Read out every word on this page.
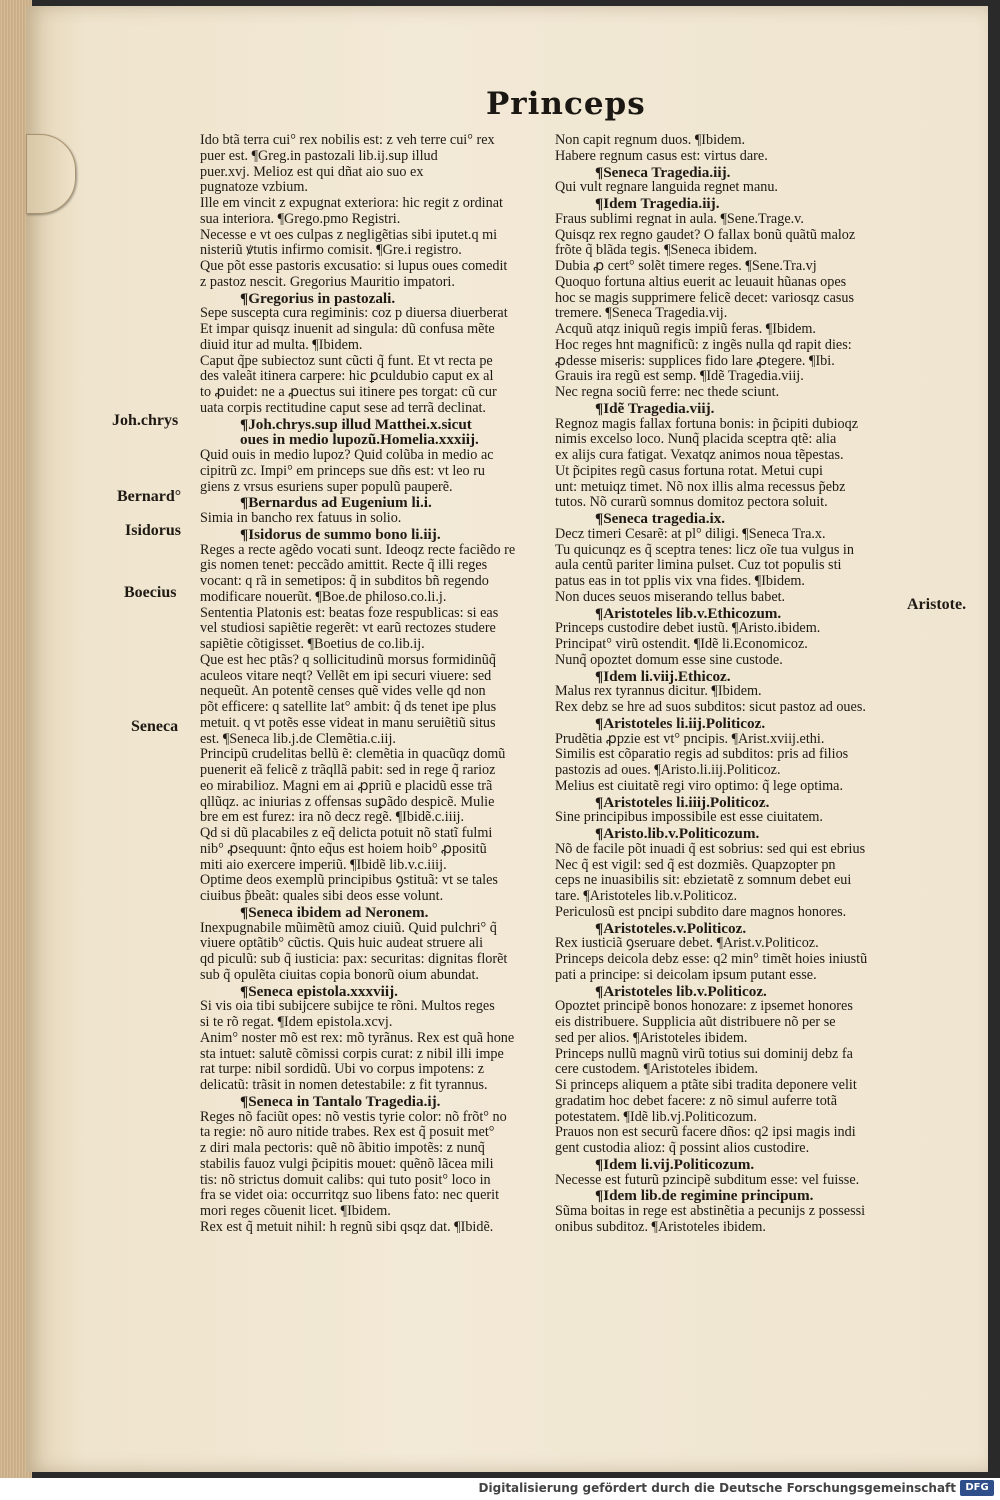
Princeps
Joh.chrys
Bernard°
Isidorus
Boecius
Aristote.
Seneca
Ido btã terra cui° rex nobilis est: z veh terre cui° rex
puer est. ¶Greg.in pastozali lib.ij.sup illud
puer.xvj. Melioz est qui dñat aio suo ex
pugnatoze vzbium.
Ille em vincit z expugnat exteriora: hic regit z ordinat
sua interiora. ¶Grego.pmo Registri.
Necesse e vt oes culpas z negligẽtias sibi iputet.q mi
nisteriũ ꝟtutis infirmo comisit. ¶Gre.i registro.
Que põt esse pastoris excusatio: si lupus oues comedit
z pastoz nescit. Gregorius Mauritio impatori.
¶Gregorius in pastozali.
Sepe suscepta cura regiminis: coz p diuersa diuerberat
Et impar quisqz inuenit ad singula: dũ confusa mẽte
diuid itur ad multa. ¶Ibidem.
Caput q̃pe subiectoz sunt cũcti q̃ funt. Et vt recta pe
des valeãt itinera carpere: hic ꝑculdubio caput ex al
to ꝓuidet: ne a ꝓuectus sui itinere pes torgat: cũ cur
uata corpis rectitudine caput sese ad terrã declinat.
¶Joh.chrys.sup illud Matthei.x.sicut
oues in medio lupozũ.Homelia.xxxiij.
Quid ouis in medio lupoz? Quid colũba in medio ac
cipitrũ zc. Impi° em princeps sue dñs est: vt leo ru
giens z vrsus esuriens super populũ pauperẽ.
¶Bernardus ad Eugenium li.i.
Simia in bancho rex fatuus in solio.
¶Isidorus de summo bono li.iij.
Reges a recte agẽdo vocati sunt. Ideoqz recte faciẽdo re
gis nomen tenet: peccãdo amittit. Recte q̃ illi reges
vocant: q rã in semetipos: q̃ in subditos bñ regendo
modificare nouerũt. ¶Boe.de philoso.co.li.j.
Sententia Platonis est: beatas foze respublicas: si eas
vel studiosi sapiẽtie regerẽt: vt earũ rectozes studere
sapiẽtie cõtigisset. ¶Boetius de co.lib.ij.
Que est hec ptãs? q sollicitudinũ morsus formidinũq̃
aculeos vitare neqt? Vellẽt em ipi securi viuere: sed
nequeũt. An potentẽ censes quẽ vides velle qd non
põt efficere: q satellite lat° ambit: q̃ ds tenet ipe plus
metuit. q vt potẽs esse videat in manu seruiẽtiũ situs
est. ¶Seneca lib.j.de Clemẽtia.c.iij.
Principũ crudelitas bellũ ẽ: clemẽtia in quacũqz domũ
puenerit eã felicẽ z trãqllã pabit: sed in rege q̃ rarioz
eo mirabilioz. Magni em ai ꝓpriũ e placidũ esse trã
qllũqz. ac iniurias z offensas suꝑãdo despicẽ. Mulie
bre em est furez: ira nõ decz regẽ. ¶Ibidẽ.c.iiij.
Qd si dũ placabiles z eq̃ delicta potuit nõ statĩ fulmi
nib° ꝓsequunt: q̃nto eq̃us est hoiem hoib° ꝓpositũ
miti aio exercere imperiũ. ¶Ibidẽ lib.v.c.iiij.
Optime deos exemplũ principibus ꝯstituã: vt se tales
ciuibus p̃beãt: quales sibi deos esse volunt.
¶Seneca ibidem ad Neronem.
Inexpugnabile mũimẽtũ amoz ciuiũ. Quid pulchri° q̃
viuere optãtib° cũctis. Quis huic audeat struere ali
qd piculũ: sub q̃ iusticia: pax: securitas: dignitas florẽt
sub q̃ opulẽta ciuitas copia bonorũ oium abundat.
¶Seneca epistola.xxxviij.
Si vis oia tibi subijcere subijce te rõni. Multos reges
si te rõ regat. ¶Idem epistola.xcvj.
Anim° noster mõ est rex: mõ tyrãnus. Rex est quã hone
sta intuet: salutẽ cõmissi corpis curat: z nibil illi impe
rat turpe: nibil sordidũ. Ubi vo corpus impotens: z
delicatũ: trãsit in nomen detestabile: z fit tyrannus.
¶Seneca in Tantalo Tragedia.ij.
Reges nõ faciũt opes: nõ vestis tyrie color: nõ frõt° no
ta regie: nõ auro nitide trabes. Rex est q̃ posuit met°
z diri mala pectoris: quẽ nõ ãbitio impotẽs: z nunq̃
stabilis fauoz vulgi p̃cipitis mouet: quẽnõ lãcea mili
tis: nõ strictus domuit calibs: qui tuto posit° loco in
fra se videt oia: occurritqz suo libens fato: nec querit
mori reges cõuenit licet. ¶Ibidem.
Rex est q̃ metuit nihil: h̃ regnũ sibi qsqz dat. ¶Ibidẽ.
Non capit regnum duos. ¶Ibidem.
Habere regnum casus est: virtus dare.
¶Seneca Tragedia.iij.
Qui vult regnare languida regnet manu.
¶Idem Tragedia.iij.
Fraus sublimi regnat in aula. ¶Sene.Trage.v.
Quisqz rex regno gaudet? O fallax bonũ quãtũ maloz
frõte q̃ blãda tegis. ¶Seneca ibidem.
Dubia ꝓ cert° solẽt timere reges. ¶Sene.Tra.vj
Quoquo fortuna altius euerit ac leuauit hũanas opes
hoc se magis supprimere felicẽ decet: variosqz casus
tremere. ¶Seneca Tragedia.vij.
Acquũ atqz iniquũ regis impiũ feras. ¶Ibidem.
Hoc reges h̃nt magnificũ: z ingẽs nulla qd rapit dies:
ꝓdesse miseris: supplices fido lare ꝓtegere. ¶Ibi.
Grauis ira regũ est semp. ¶Idẽ Tragedia.viij.
Nec regna sociũ ferre: nec thede sciunt.
¶Idẽ Tragedia.viij.
Regnoz magis fallax fortuna bonis: in p̃cipiti dubioqz
nimis excelso loco. Nunq̃ placida sceptra qtẽ: alia
ex alijs cura fatigat. Vexatqz animos noua tẽpestas.
Ut p̃cipites regũ casus fortuna rotat. Metui cupi
unt: metuiqz timet. Nõ nox illis alma recessus p̃ebz
tutos. Nõ curarũ somnus domitoz pectora soluit.
¶Seneca tragedia.ix.
Decz timeri Cesarẽ: at pl° diligi. ¶Seneca Tra.x.
Tu quicunqz es q̃ sceptra tenes: licz oĩe tua vulgus in
aula centũ pariter limina pulset. Cuz tot populis sti
patus eas in tot pplis vix vna fides. ¶Ibidem.
Non duces seuos miserando tellus babet.
¶Aristoteles lib.v.Ethicozum.
Princeps custodire debet iustũ. ¶Aristo.ibidem.
Principat° virũ ostendit. ¶Idẽ li.Economicoz.
Nunq̃ opoztet domum esse sine custode.
¶Idem li.viij.Ethicoz.
Malus rex tyrannus dicitur. ¶Ibidem.
Rex debz se h̃re ad suos subditos: sicut pastoz ad oues.
¶Aristoteles li.iij.Politicoz.
Prudẽtia ꝓpzie est vt° pncipis. ¶Arist.xviij.ethi.
Similis est cõparatio regis ad subditos: pris ad filios
pastozis ad oues. ¶Aristo.li.iij.Politicoz.
Melius est ciuitatẽ regi viro optimo: q̃ lege optima.
¶Aristoteles li.iiij.Politicoz.
Sine principibus impossibile est esse ciuitatem.
¶Aristo.lib.v.Politicozum.
Nõ de facile põt inuadi q̃ est sobrius: sed qui est ebrius
Nec q̃ est vigil: sed q̃ est dozmiẽs. Quapzopter pn
ceps ne inuasibilis sit: ebzietatẽ z somnum debet eui
tare. ¶Aristoteles lib.v.Politicoz.
Periculosũ est pncipi subdito dare magnos honores.
¶Aristoteles.v.Politicoz.
Rex iusticiã ꝯseruare debet. ¶Arist.v.Politicoz.
Princeps deicola debz esse: q2 min° timẽt hoies iniustũ
pati a principe: si deicolam ipsum putant esse.
¶Aristoteles lib.v.Politicoz.
Opoztet principẽ bonos honozare: z ipsemet honores
eis distribuere. Supplicia aũt distribuere nõ per se
sed per alios. ¶Aristoteles ibidem.
Princeps nullũ magnũ virũ totius sui dominij debz fa
cere custodem. ¶Aristoteles ibidem.
Si princeps aliquem a ptãte sibi tradita deponere velit
gradatim hoc debet facere: z nõ simul auferre totã
potestatem. ¶Idẽ lib.vj.Politicozum.
Prauos non est securũ facere dños: q2 ipsi magis indi
gent custodia alioz: q̃ possint alios custodire.
¶Idem li.vij.Politicozum.
Necesse est futurũ pzincipẽ subditum esse: vel fuisse.
¶Idem lib.de regimine principum.
Sũma boitas in rege est abstinẽtia a pecunijs z possessi
onibus subditoz. ¶Aristoteles ibidem.
Digitalisierung gefördert durch die Deutsche Forschungsgemeinschaft DFG
